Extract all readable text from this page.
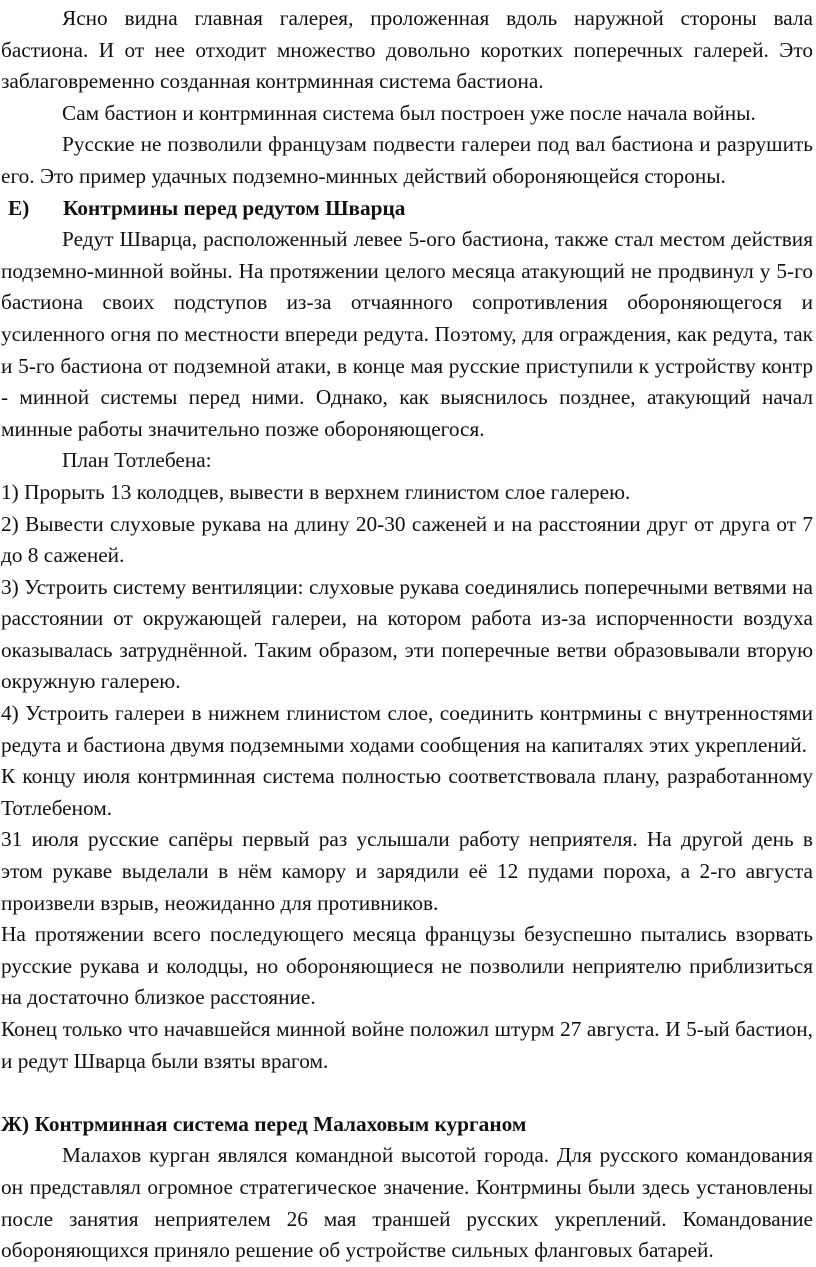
Ясно видна главная галерея, проложенная вдоль наружной стороны вала бастиона. И от нее отходит множество довольно коротких поперечных галерей. Это заблаговременно созданная контрминная система бастиона.

Сам бастион и контрминная система был построен уже после начала войны.

Русские не позволили французам подвести галереи под вал бастиона и разрушить его. Это пример удачных подземно-минных действий обороняющейся стороны.

Е) Контрмины перед редутом Шварца

Редут Шварца, расположенный левее 5-ого бастиона, также стал местом действия подземно-минной войны. На протяжении целого месяца атакующий не продвинул у 5-го бастиона своих подступов из-за отчаянного сопротивления обороняющегося и усиленного огня по местности впереди редута. Поэтому, для ограждения, как редута, так и 5-го бастиона от подземной атаки, в конце мая русские приступили к устройству контр - минной системы перед ними. Однако, как выяснилось позднее, атакующий начал минные работы значительно позже обороняющегося.

План Тотлебена:

1) Прорыть 13 колодцев, вывести в верхнем глинистом слое галерею.

2) Вывести слуховые рукава на длину 20-30 саженей и на расстоянии друг от друга от 7 до 8 саженей.

3) Устроить систему вентиляции: слуховые рукава соединялись поперечными ветвями на расстоянии от окружающей галереи, на котором работа из-за испорченности воздуха оказывалась затруднённой. Таким образом, эти поперечные ветви образовывали вторую окружную галерею.

4) Устроить галереи в нижнем глинистом слое, соединить контрмины с внутренностями редута и бастиона двумя подземными ходами сообщения на капиталях этих укреплений.

К концу июля контрминная система полностью соответствовала плану, разработанному Тотлебеном.

31 июля русские сапёры первый раз услышали работу неприятеля. На другой день в этом рукаве выделали в нём камору и зарядили её 12 пудами пороха, а 2-го августа произвели взрыв, неожиданно для противников.

На протяжении всего последующего месяца французы безуспешно пытались взорвать русские рукава и колодцы, но обороняющиеся не позволили неприятелю приблизиться на достаточно близкое расстояние.

Конец только что начавшейся минной войне положил штурм 27 августа. И 5-ый бастион, и редут Шварца были взяты врагом.

Ж) Контрминная система перед Малаховым курганом

Малахов курган являлся командной высотой города. Для русского командования он представлял огромное стратегическое значение. Контрмины были здесь установлены после занятия неприятелем 26 мая траншей русских укреплений. Командование обороняющихся приняло решение об устройстве сильных фланговых батарей.
